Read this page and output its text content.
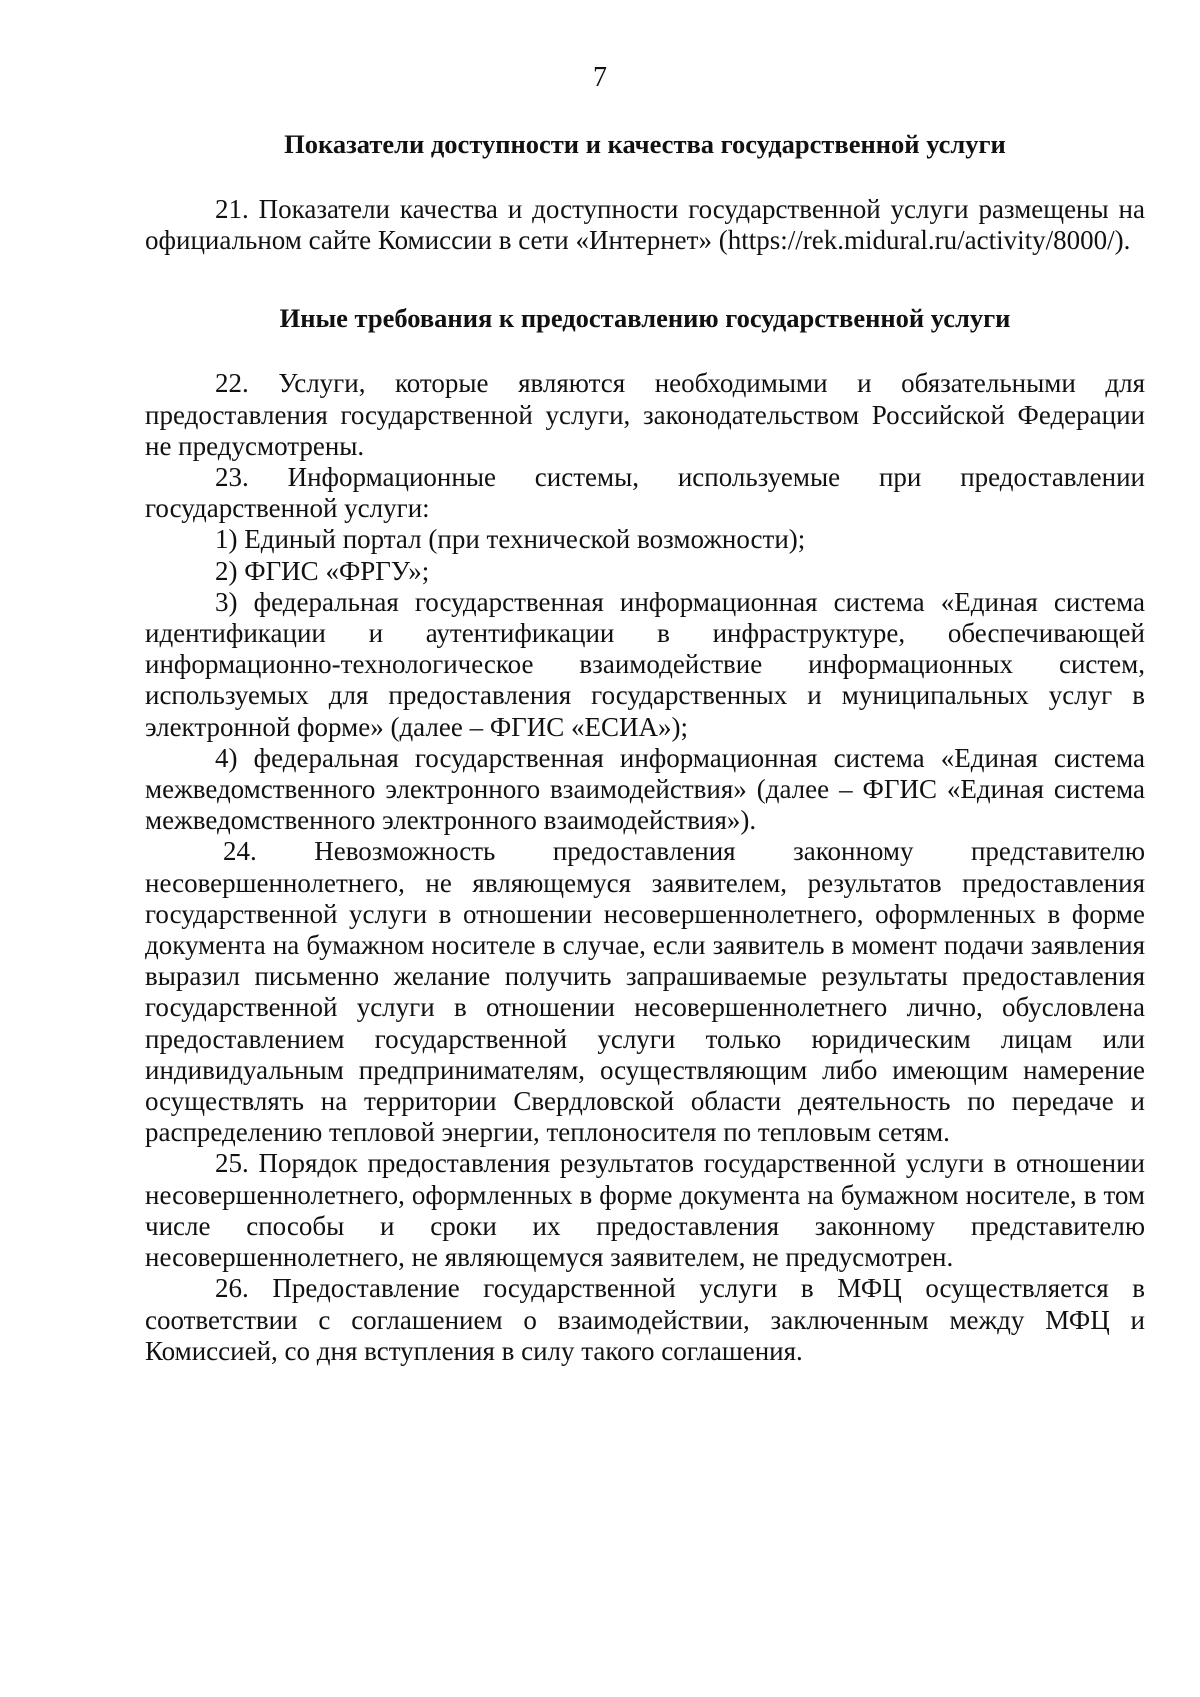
7
Показатели доступности и качества государственной услуги

21. Показатели качества и доступности государственной услуги размещены на официальном сайте Комиссии в сети «Интернет» (https://rek.midural.ru/activity/8000/).

Иные требования к предоставлению государственной услуги

22. Услуги, которые являются необходимыми и обязательными для предоставления государственной услуги, законодательством Российской Федерации не предусмотрены.

23. Информационные системы, используемые при предоставлении государственной услуги:

1) Единый портал (при технической возможности);

2) ФГИС «ФРГУ»;

3) федеральная государственная информационная система «Единая система идентификации и аутентификации в инфраструктуре, обеспечивающей информационно-технологическое взаимодействие информационных систем, используемых для предоставления государственных и муниципальных услуг в электронной форме» (далее – ФГИС «ЕСИА»);

4) федеральная государственная информационная система «Единая система межведомственного электронного взаимодействия» (далее – ФГИС «Единая система межведомственного электронного взаимодействия»).

24. Невозможность предоставления законному представителю несовершеннолетнего, не являющемуся заявителем, результатов предоставления государственной услуги в отношении несовершеннолетнего, оформленных в форме документа на бумажном носителе в случае, если заявитель в момент подачи заявления выразил письменно желание получить запрашиваемые результаты предоставления государственной услуги в отношении несовершеннолетнего лично, обусловлена предоставлением государственной услуги только юридическим лицам или индивидуальным предпринимателям, осуществляющим либо имеющим намерение осуществлять на территории Свердловской области деятельность по передаче и распределению тепловой энергии, теплоносителя по тепловым сетям.

25. Порядок предоставления результатов государственной услуги в отношении несовершеннолетнего, оформленных в форме документа на бумажном носителе, в том числе способы и сроки их предоставления законному представителю несовершеннолетнего, не являющемуся заявителем, не предусмотрен.

26. Предоставление государственной услуги в МФЦ осуществляется в соответствии с соглашением о взаимодействии, заключенным между МФЦ и Комиссией, со дня вступления в силу такого соглашения.
